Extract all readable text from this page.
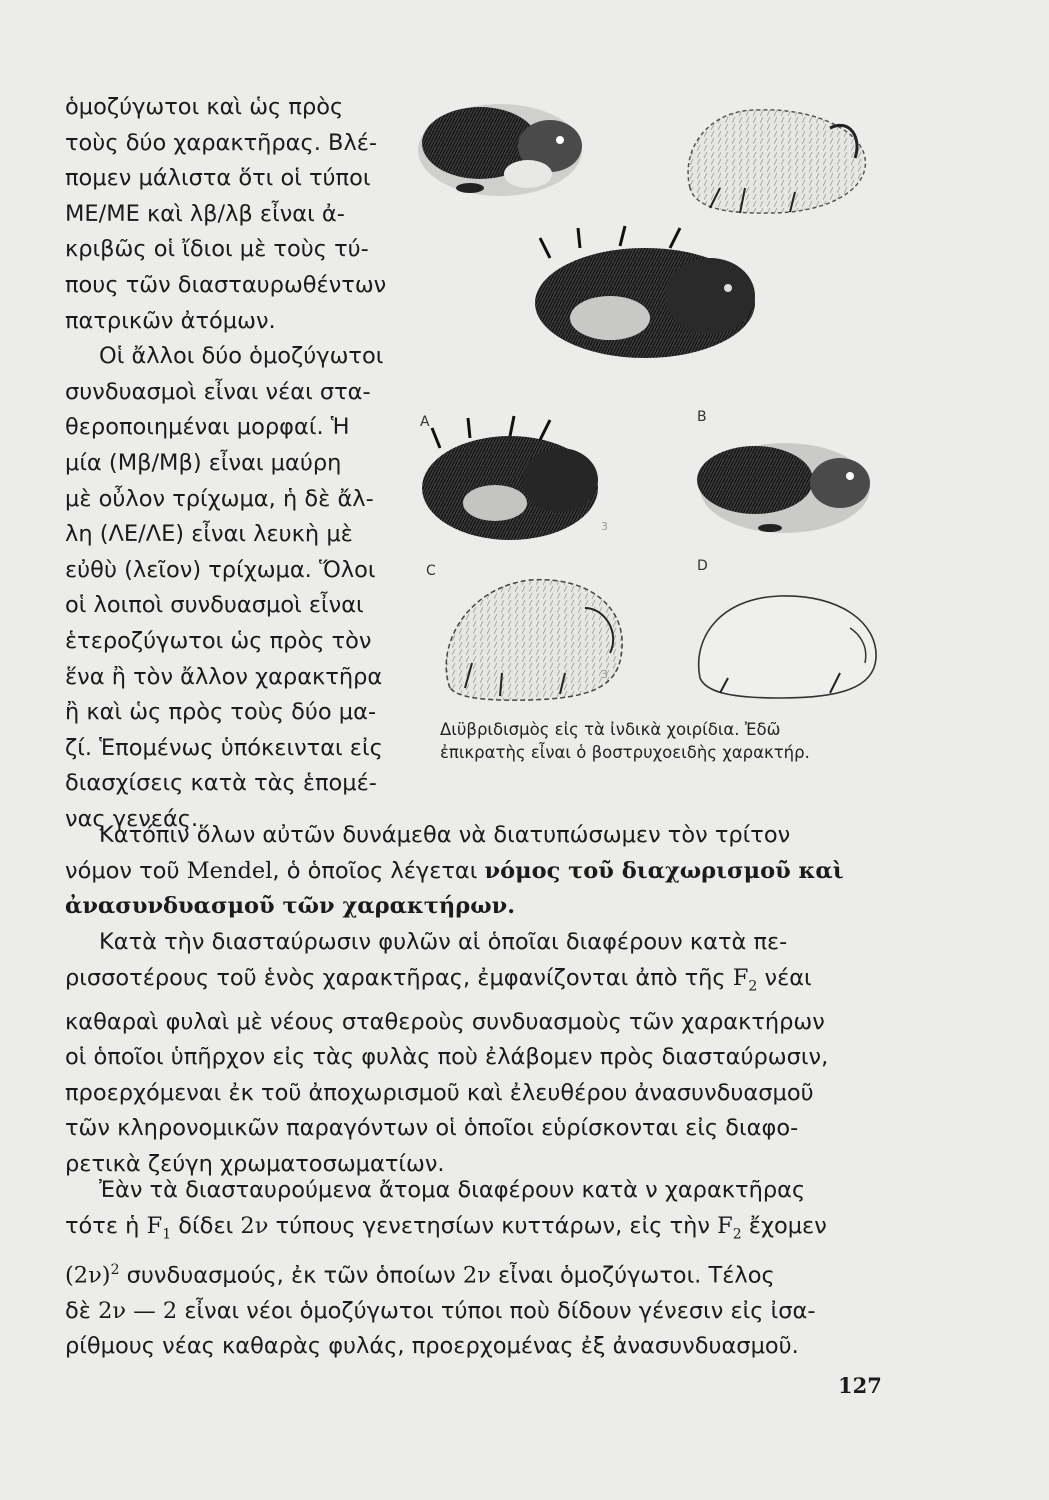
ὁμοζύγωτοι καὶ ὡς πρὸς
τοὺς δύο χαρακτῆρας. Βλέ-
πομεν μάλιστα ὅτι οἱ τύποι
ΜΕ/ΜΕ καὶ λβ/λβ εἶναι ἀ-
κριβῶς οἱ ἴδιοι μὲ τοὺς τύ-
πους τῶν διασταυρωθέντων
πατρικῶν ἀτόμων.
Οἱ ἄλλοι δύο ὁμοζύγωτοι
συνδυασμοὶ εἶναι νέαι στα-
θεροποιημέναι μορφαί. Ἡ
μία (Μβ/Μβ) εἶναι μαύρη
μὲ οὖλον τρίχωμα, ἡ δὲ ἄλ-
λη (ΛΕ/ΛΕ) εἶναι λευκὴ μὲ
εὐθὺ (λεῖον) τρίχωμα. Ὅλοι
οἱ λοιποὶ συνδυασμοὶ εἶναι
ἑτεροζύγωτοι ὡς πρὸς τὸν
ἕνα ἢ τὸν ἄλλον χαρακτῆρα
ἢ καὶ ὡς πρὸς τοὺς δύο μα-
ζί. Ἑπομένως ὑπόκεινται εἰς
διασχίσεις κατὰ τὰς ἑπομέ-
νας γενεάς.
A	B
C	D
3
3
Διϋβριδισμὸς εἰς τὰ ἰνδικὰ χοιρίδια. Ἐδῶ
ἐπικρατὴς εἶναι ὁ βοστρυχοειδὴς χαρακτήρ.
Κατόπιν ὅλων αὐτῶν δυνάμεθα νὰ διατυπώσωμεν τὸν τρίτον
νόμον τοῦ Mendel, ὁ ὁποῖος λέγεται νόμος τοῦ διαχωρισμοῦ καὶ
ἀνασυνδυασμοῦ τῶν χαρακτήρων.
Κατὰ τὴν διασταύρωσιν φυλῶν αἱ ὁποῖαι διαφέρουν κατὰ πε-
ρισσοτέρους τοῦ ἑνὸς χαρακτῆρας, ἐμφανίζονται ἀπὸ τῆς $F_2$ νέαι
καθαραὶ φυλαὶ μὲ νέους σταθεροὺς συνδυασμοὺς τῶν χαρακτήρων
οἱ ὁποῖοι ὑπῆρχον εἰς τὰς φυλὰς ποὺ ἐλάβομεν πρὸς διασταύρωσιν,
προερχόμεναι ἐκ τοῦ ἀποχωρισμοῦ καὶ ἐλευθέρου ἀνασυνδυασμοῦ
τῶν κληρονομικῶν παραγόντων οἱ ὁποῖοι εὑρίσκονται εἰς διαφο-
ρετικὰ ζεύγη χρωματοσωματίων.
Ἐὰν τὰ διασταυρούμενα ἄτομα διαφέρουν κατὰ ν χαρακτῆρας
τότε ἡ $F_1$ δίδει 2ν τύπους γενετησίων κυττάρων, εἰς τὴν $F_2$ ἔχομεν
$(2\nu)^2$ συνδυασμούς, ἐκ τῶν ὁποίων 2ν εἶναι ὁμοζύγωτοι. Τέλος
δὲ 2ν — 2 εἶναι νέοι ὁμοζύγωτοι τύποι ποὺ δίδουν γένεσιν εἰς ἰσα-
ρίθμους νέας καθαρὰς φυλάς, προερχομένας ἐξ ἀνασυνδυασμοῦ.
127
